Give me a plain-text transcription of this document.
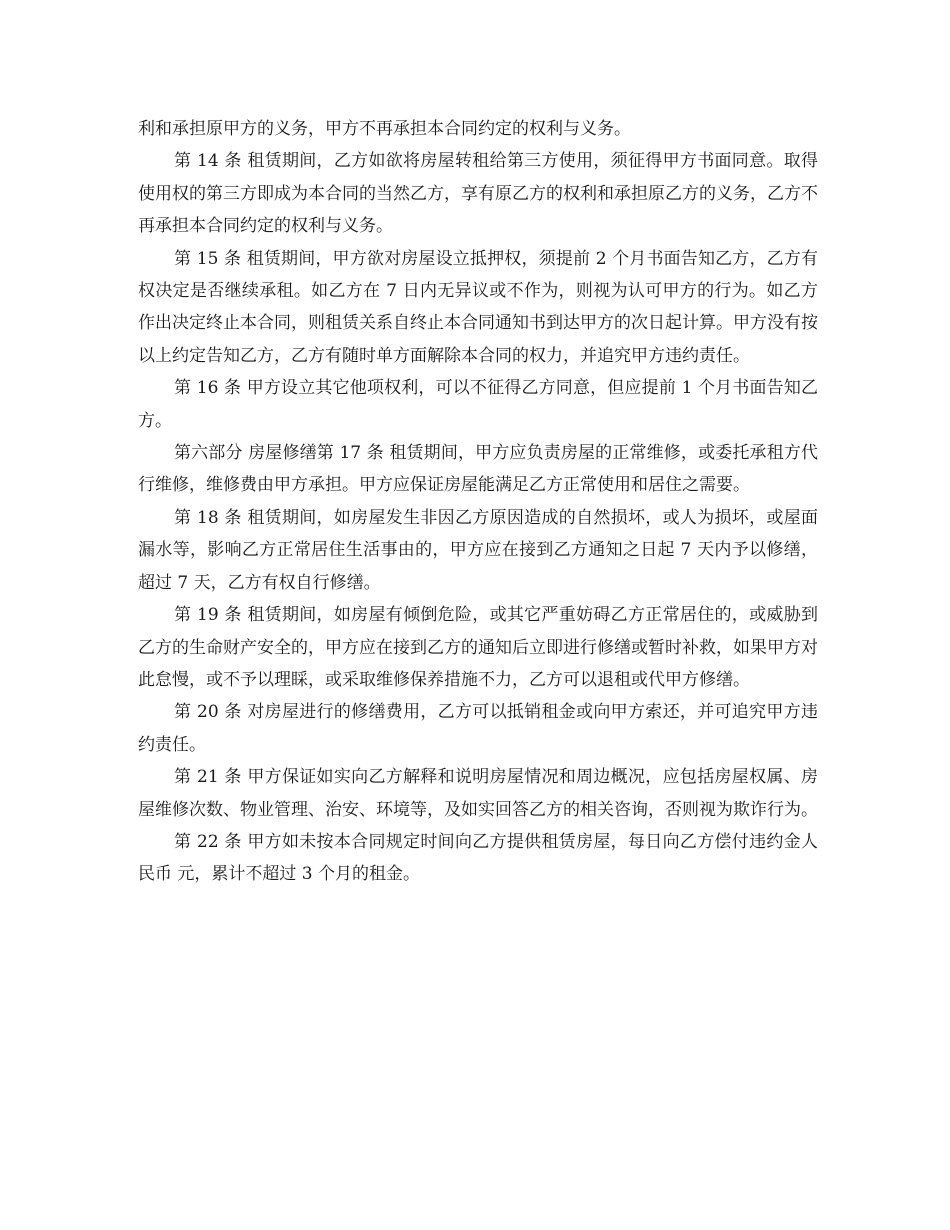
利和承担原甲方的义务，甲方不再承担本合同约定的权利与义务。

第 14 条 租赁期间，乙方如欲将房屋转租给第三方使用，须征得甲方书面同意。取得使用权的第三方即成为本合同的当然乙方，享有原乙方的权利和承担原乙方的义务，乙方不再承担本合同约定的权利与义务。

第 15 条 租赁期间，甲方欲对房屋设立抵押权，须提前 2 个月书面告知乙方，乙方有权决定是否继续承租。如乙方在 7 日内无异议或不作为，则视为认可甲方的行为。如乙方作出决定终止本合同，则租赁关系自终止本合同通知书到达甲方的次日起计算。甲方没有按以上约定告知乙方，乙方有随时单方面解除本合同的权力，并追究甲方违约责任。

第 16 条 甲方设立其它他项权利，可以不征得乙方同意，但应提前 1 个月书面告知乙方。

第六部分 房屋修缮第 17 条 租赁期间，甲方应负责房屋的正常维修，或委托承租方代行维修，维修费由甲方承担。甲方应保证房屋能满足乙方正常使用和居住之需要。

第 18 条 租赁期间，如房屋发生非因乙方原因造成的自然损坏，或人为损坏，或屋面漏水等，影响乙方正常居住生活事由的，甲方应在接到乙方通知之日起 7 天内予以修缮，超过 7 天，乙方有权自行修缮。

第 19 条 租赁期间，如房屋有倾倒危险，或其它严重妨碍乙方正常居住的，或威胁到乙方的生命财产安全的，甲方应在接到乙方的通知后立即进行修缮或暂时补救，如果甲方对此怠慢，或不予以理睬，或采取维修保养措施不力，乙方可以退租或代甲方修缮。

第 20 条 对房屋进行的修缮费用，乙方可以抵销租金或向甲方索还，并可追究甲方违约责任。

第 21 条 甲方保证如实向乙方解释和说明房屋情况和周边概况，应包括房屋权属、房屋维修次数、物业管理、治安、环境等，及如实回答乙方的相关咨询，否则视为欺诈行为。

第 22 条 甲方如未按本合同规定时间向乙方提供租赁房屋，每日向乙方偿付违约金人民币 元，累计不超过 3 个月的租金。
